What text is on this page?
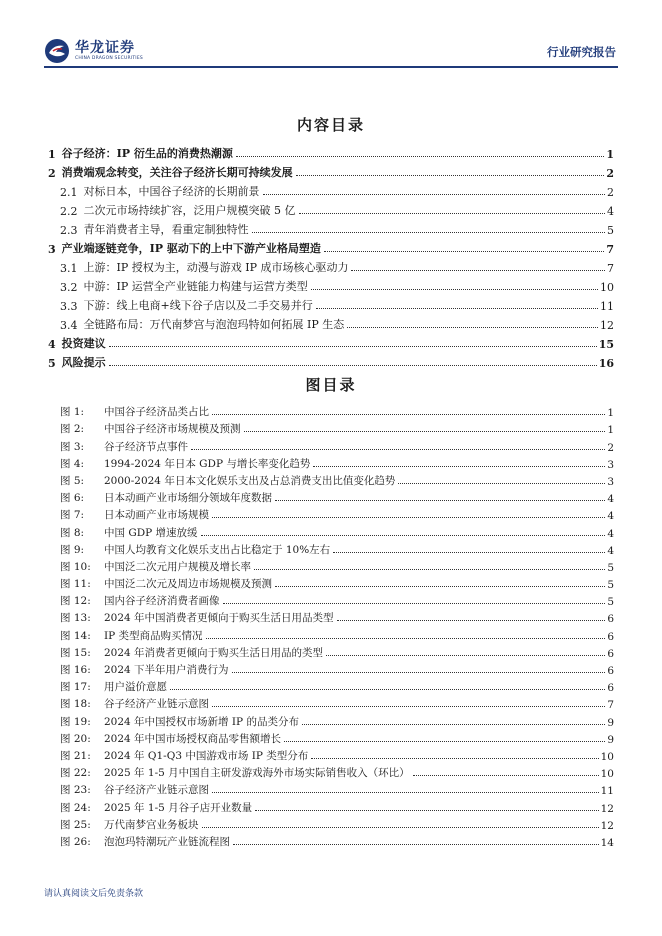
华龙证券
CHINA DRAGON SECURITIES	行业研究报告
内容目录
1 谷子经济：IP 衍生品的消费热潮源	1
2 消费端观念转变，关注谷子经济长期可持续发展	2
2.1 对标日本，中国谷子经济的长期前景	2
2.2 二次元市场持续扩容，泛用户规模突破 5 亿	4
2.3 青年消费者主导，看重定制独特性	5
3 产业端逐链竞争，IP 驱动下的上中下游产业格局塑造	7
3.1 上游：IP 授权为主，动漫与游戏 IP 成市场核心驱动力	7
3.2 中游：IP 运营全产业链能力构建与运营方类型	10
3.3 下游：线上电商+线下谷子店以及二手交易并行	11
3.4 全链路布局：万代南梦宫与泡泡玛特如何拓展 IP 生态	12
4 投资建议	15
5 风险提示	16
图目录
图 1:	中国谷子经济品类占比	1
图 2:	中国谷子经济市场规模及预测	1
图 3:	谷子经济节点事件	2
图 4:	1994-2024 年日本 GDP 与增长率变化趋势	3
图 5:	2000-2024 年日本文化娱乐支出及占总消费支出比值变化趋势	3
图 6:	日本动画产业市场细分领域年度数据	4
图 7:	日本动画产业市场规模	4
图 8:	中国 GDP 增速放缓	4
图 9:	中国人均教育文化娱乐支出占比稳定于 10%左右	4
图 10:	中国泛二次元用户规模及增长率	5
图 11:	中国泛二次元及周边市场规模及预测	5
图 12:	国内谷子经济消费者画像	5
图 13:	2024 年中国消费者更倾向于购买生活日用品类型	6
图 14:	IP 类型商品购买情况	6
图 15:	2024 年消费者更倾向于购买生活日用品的类型	6
图 16:	2024 下半年用户消费行为	6
图 17:	用户溢价意愿	6
图 18:	谷子经济产业链示意图	7
图 19:	2024 年中国授权市场新增 IP 的品类分布	9
图 20:	2024 年中国市场授权商品零售额增长	9
图 21:	2024 年 Q1-Q3 中国游戏市场 IP 类型分布	10
图 22:	2025 年 1-5 月中国自主研发游戏海外市场实际销售收入（环比）	10
图 23:	谷子经济产业链示意图	11
图 24:	2025 年 1-5 月谷子店开业数量	12
图 25:	万代南梦宫业务板块	12
图 26:	泡泡玛特潮玩产业链流程图	14
请认真阅读文后免责条款
